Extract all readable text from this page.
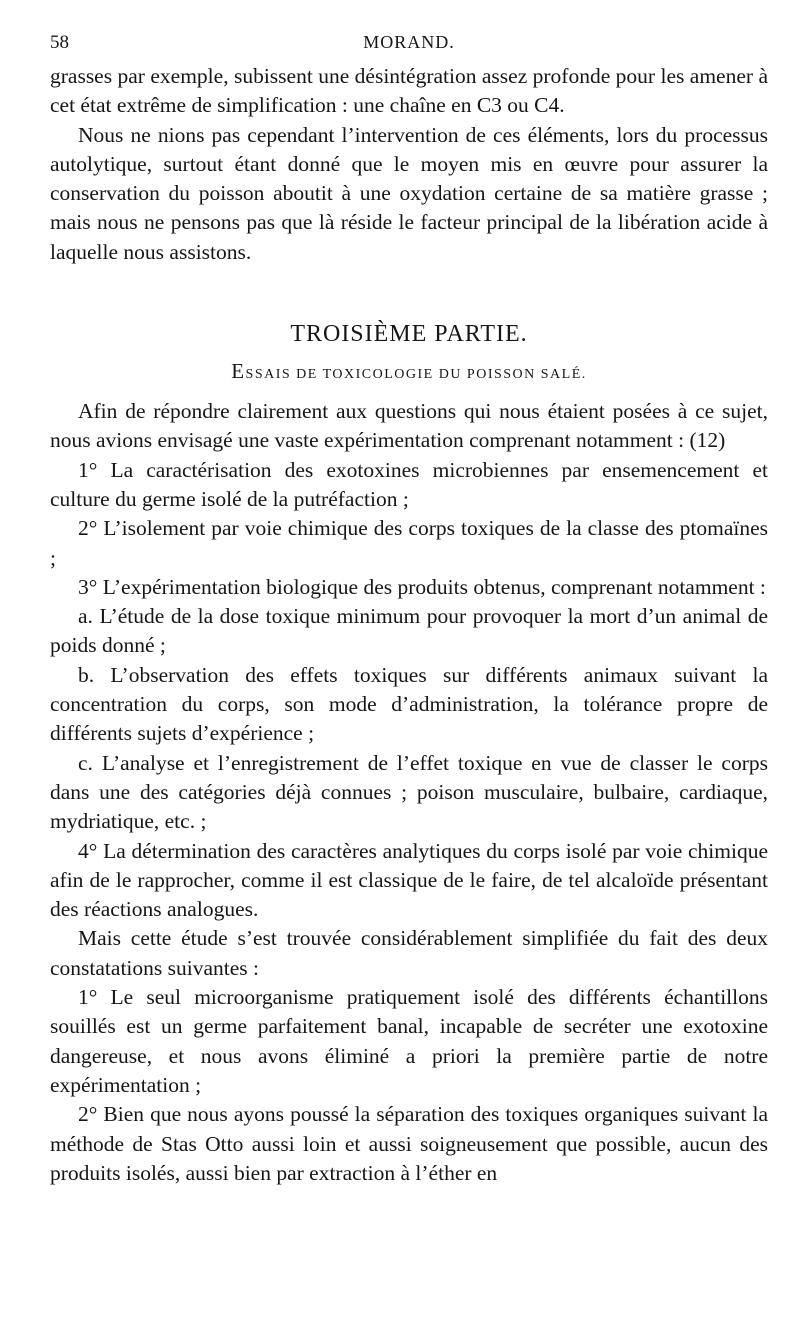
58	MORAND.

grasses par exemple, subissent une désintégration assez profonde pour les amener à cet état extrême de simplification : une chaîne en C3 ou C4.

Nous ne nions pas cependant l’intervention de ces éléments, lors du processus autolytique, surtout étant donné que le moyen mis en œuvre pour assurer la conservation du poisson aboutit à une oxydation certaine de sa matière grasse ; mais nous ne pensons pas que là réside le facteur principal de la libération acide à laquelle nous assistons.

TROISIÈME PARTIE.
ESSAIS DE TOXICOLOGIE DU POISSON SALÉ.

Afin de répondre clairement aux questions qui nous étaient posées à ce sujet, nous avions envisagé une vaste expérimentation comprenant notamment : (12)

1° La caractérisation des exotoxines microbiennes par ensemencement et culture du germe isolé de la putréfaction ;

2° L’isolement par voie chimique des corps toxiques de la classe des ptomaïnes ;

3° L’expérimentation biologique des produits obtenus, comprenant notamment :

a. L’étude de la dose toxique minimum pour provoquer la mort d’un animal de poids donné ;

b. L’observation des effets toxiques sur différents animaux suivant la concentration du corps, son mode d’administration, la tolérance propre de différents sujets d’expérience ;

c. L’analyse et l’enregistrement de l’effet toxique en vue de classer le corps dans une des catégories déjà connues ; poison musculaire, bulbaire, cardiaque, mydriatique, etc. ;

4° La détermination des caractères analytiques du corps isolé par voie chimique afin de le rapprocher, comme il est classique de le faire, de tel alcaloïde présentant des réactions analogues.

Mais cette étude s’est trouvée considérablement simplifiée du fait des deux constatations suivantes :

1° Le seul microorganisme pratiquement isolé des différents échantillons souillés est un germe parfaitement banal, incapable de secréter une exotoxine dangereuse, et nous avons éliminé a priori la première partie de notre expérimentation ;

2° Bien que nous ayons poussé la séparation des toxiques organiques suivant la méthode de Stas Otto aussi loin et aussi soigneusement que possible, aucun des produits isolés, aussi bien par extraction à l’éther en
